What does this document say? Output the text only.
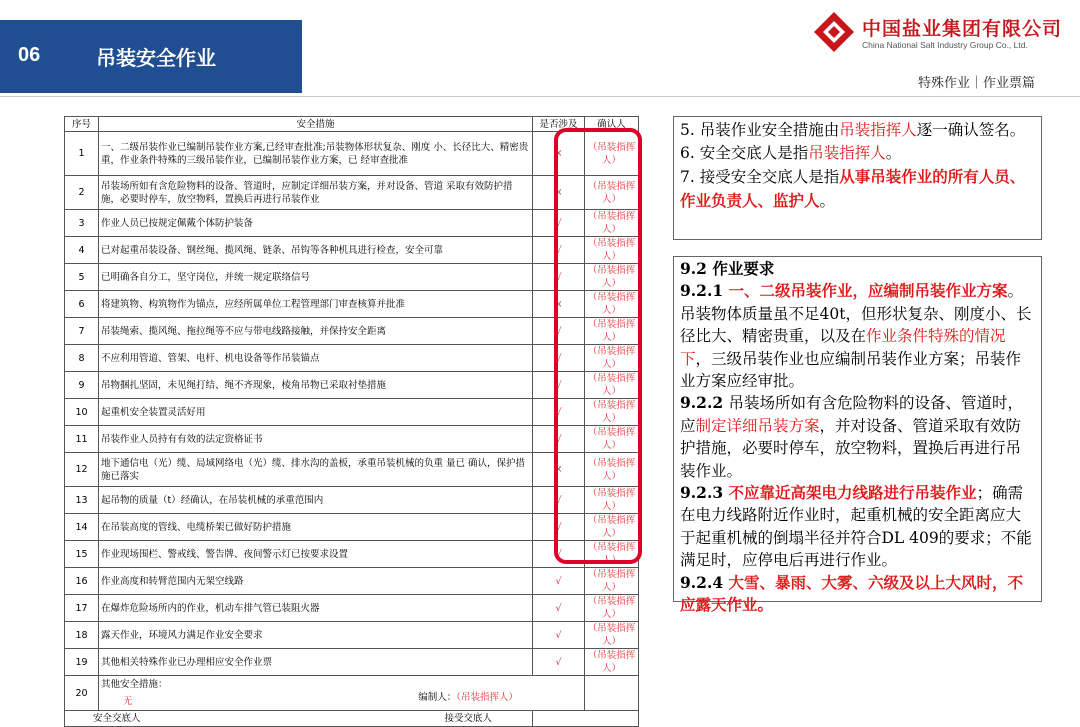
06	吊装安全作业
中国盐业集团有限公司
China National Salt Industry Group Co., Ltd.
特殊作业｜作业票篇
序号	安全措施	是否涉及	确认人
1	一、二级吊装作业已编制吊装作业方案,已经审查批准;吊装物体形状复杂、刚度 小、长径比大、精密贵重，作业条件特殊的三级吊装作业，已编制吊装作业方案，已 经审查批准	×	（吊装指挥人）
2	吊装场所如有含危险物料的设备、管道时，应制定详细吊装方案，并对设备、管道 采取有效防护措施，必要时停车，放空物料，置换后再进行吊装作业	×	（吊装指挥人）
3	作业人员已按规定佩戴个体防护装备	√	（吊装指挥人）
4	已对起重吊装设备、钢丝绳、揽风绳、链条、吊钩等各种机具进行检查，安全可靠	√	（吊装指挥人）
5	已明确各自分工，坚守岗位，并统一规定联络信号	√	（吊装指挥人）
6	将建筑物、构筑物作为锚点，应经所属单位工程管理部门审查核算并批准	×	（吊装指挥人）
7	吊装绳索、揽风绳、拖拉绳等不应与带电线路接触，并保持安全距离	√	（吊装指挥人）
8	不应利用管道、管架、电杆、机电设备等作吊装锚点	√	（吊装指挥人）
9	吊物捆扎坚固，未见绳打结、绳不齐现象，棱角吊物已采取衬垫措施	√	（吊装指挥人）
10	起重机安全装置灵活好用	√	（吊装指挥人）
11	吊装作业人员持有有效的法定资格证书	√	（吊装指挥人）
12	地下通信电（光）缆、局域网络电（光）缆、排水沟的盖板，承重吊装机械的负重 量已 确认，保护措施已落实	×	（吊装指挥人）
13	起吊物的质量（t）经确认，在吊装机械的承重范围内	√	（吊装指挥人）
14	在吊装高度的管线、电缆桥架已做好防护措施	√	（吊装指挥人）
15	作业现场围栏、警戒线、警告牌、夜间警示灯已按要求设置	√	（吊装指挥人）
16	作业高度和转臂范围内无架空线路	√	（吊装指挥人）
17	在爆炸危险场所内的作业，机动车排气管已装阻火器	√	（吊装指挥人）
18	露天作业，环境风力满足作业安全要求	√	（吊装指挥人）
19	其他相关特殊作业已办理相应安全作业票	√	（吊装指挥人）
20	其他安全措施：
无 编制人：（吊装指挥人）		

安全交底人 接受交底人			

5. 吊装作业安全措施由吊装指挥人逐一确认签名。

6. 安全交底人是指吊装指挥人。

7. 接受安全交底人是指从事吊装作业的所有人员、作业负责人、监护人。

9.2 作业要求

9.2.1 一、二级吊装作业，应编制吊装作业方案。吊装物体质量虽不足40t，但形状复杂、刚度小、长径比大、精密贵重，以及在作业条件特殊的情况下，三级吊装作业也应编制吊装作业方案；吊装作业方案应经审批。

9.2.2 吊装场所如有含危险物料的设备、管道时，应制定详细吊装方案，并对设备、管道采取有效防护措施，必要时停车，放空物料，置换后再进行吊装作业。

9.2.3 不应靠近高架电力线路进行吊装作业；确需在电力线路附近作业时，起重机械的安全距离应大于起重机械的倒塌半径并符合DL 409的要求；不能满足时，应停电后再进行作业。

9.2.4 大雪、暴雨、大雾、六级及以上大风时，不应露天作业。
